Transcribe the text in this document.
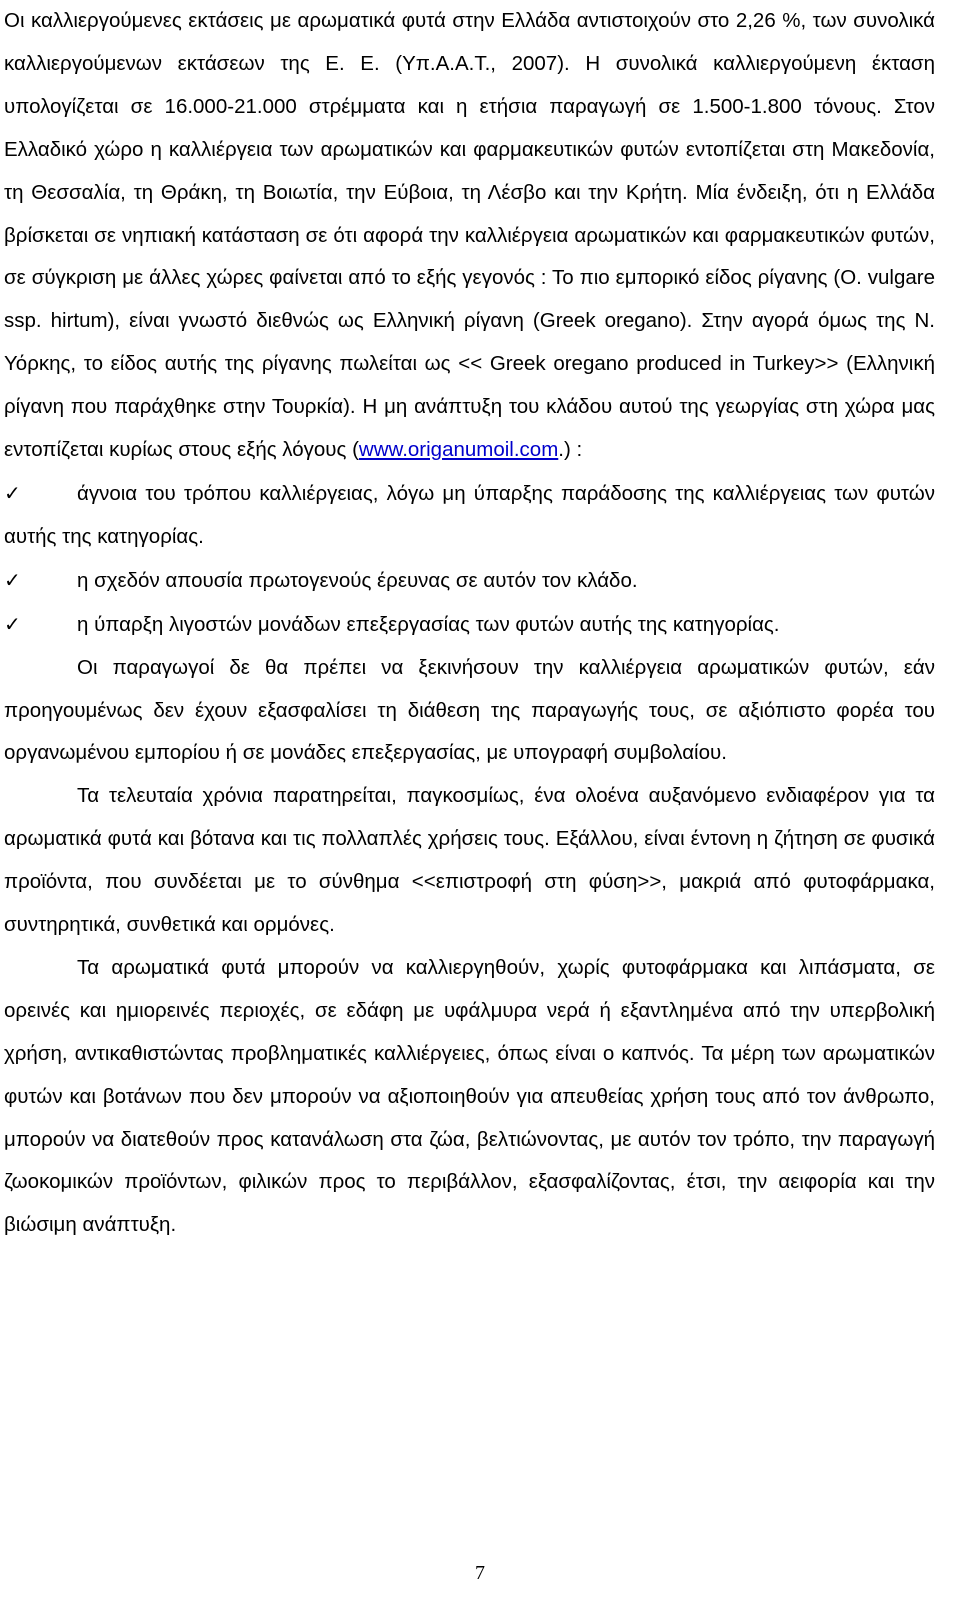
Οι καλλιεργούμενες εκτάσεις με αρωματικά φυτά στην Ελλάδα αντιστοιχούν στο 2,26 %, των συνολικά καλλιεργούμενων εκτάσεων της Ε. Ε. (Υπ.Α.Α.Τ., 2007). Η συνολικά καλλιεργούμενη έκταση υπολογίζεται σε 16.000-21.000 στρέμματα και η ετήσια παραγωγή σε 1.500-1.800 τόνους. Στον Ελλαδικό χώρο η καλλιέργεια των αρωματικών και φαρμακευτικών φυτών εντοπίζεται στη Μακεδονία, τη Θεσσαλία, τη Θράκη, τη Βοιωτία, την Εύβοια, τη Λέσβο και την Κρήτη. Μία ένδειξη, ότι η Ελλάδα βρίσκεται σε νηπιακή κατάσταση σε ότι αφορά την καλλιέργεια αρωματικών και φαρμακευτικών φυτών, σε σύγκριση με άλλες χώρες φαίνεται από το εξής γεγονός : Το πιο εμπορικό είδος ρίγανης (O. vulgare ssp. hirtum), είναι γνωστό διεθνώς ως Ελληνική ρίγανη (Greek oregano). Στην αγορά όμως της Ν. Υόρκης, το είδος αυτής της ρίγανης πωλείται ως << Greek oregano produced in Turkey>> (Ελληνική ρίγανη που παράχθηκε στην Τουρκία). Η μη ανάπτυξη του κλάδου αυτού της γεωργίας στη χώρα μας εντοπίζεται κυρίως στους εξής λόγους (www.origanumoil.com.) :

✓	άγνοια του τρόπου καλλιέργειας, λόγω μη ύπαρξης παράδοσης της καλλιέργειας των φυτών αυτής της κατηγορίας.

✓	η σχεδόν απουσία πρωτογενούς έρευνας σε αυτόν τον κλάδο.

✓	η ύπαρξη λιγοστών μονάδων επεξεργασίας των φυτών αυτής της κατηγορίας.

Οι παραγωγοί δε θα πρέπει να ξεκινήσουν την καλλιέργεια αρωματικών φυτών, εάν προηγουμένως δεν έχουν εξασφαλίσει τη διάθεση της παραγωγής τους, σε αξιόπιστο φορέα του οργανωμένου εμπορίου ή σε μονάδες επεξεργασίας, με υπογραφή συμβολαίου.

Τα τελευταία χρόνια παρατηρείται, παγκοσμίως, ένα ολοένα αυξανόμενο ενδιαφέρον για τα αρωματικά φυτά και βότανα και τις πολλαπλές χρήσεις τους. Εξάλλου, είναι έντονη η ζήτηση σε φυσικά προϊόντα, που συνδέεται με το σύνθημα <<επιστροφή στη φύση>>, μακριά από φυτοφάρμακα, συντηρητικά, συνθετικά και ορμόνες.

Τα αρωματικά φυτά μπορούν να καλλιεργηθούν, χωρίς φυτοφάρμακα και λιπάσματα, σε ορεινές και ημιορεινές περιοχές, σε εδάφη με υφάλμυρα νερά ή εξαντλημένα από την υπερβολική χρήση, αντικαθιστώντας προβληματικές καλλιέργειες, όπως είναι ο καπνός. Τα μέρη των αρωματικών φυτών και βοτάνων που δεν μπορούν να αξιοποιηθούν για απευθείας χρήση τους από τον άνθρωπο, μπορούν να διατεθούν προς κατανάλωση στα ζώα, βελτιώνοντας, με αυτόν τον τρόπο, την παραγωγή ζωοκομικών προϊόντων, φιλικών προς το περιβάλλον, εξασφαλίζοντας, έτσι, την αειφορία και την βιώσιμη ανάπτυξη.

7
